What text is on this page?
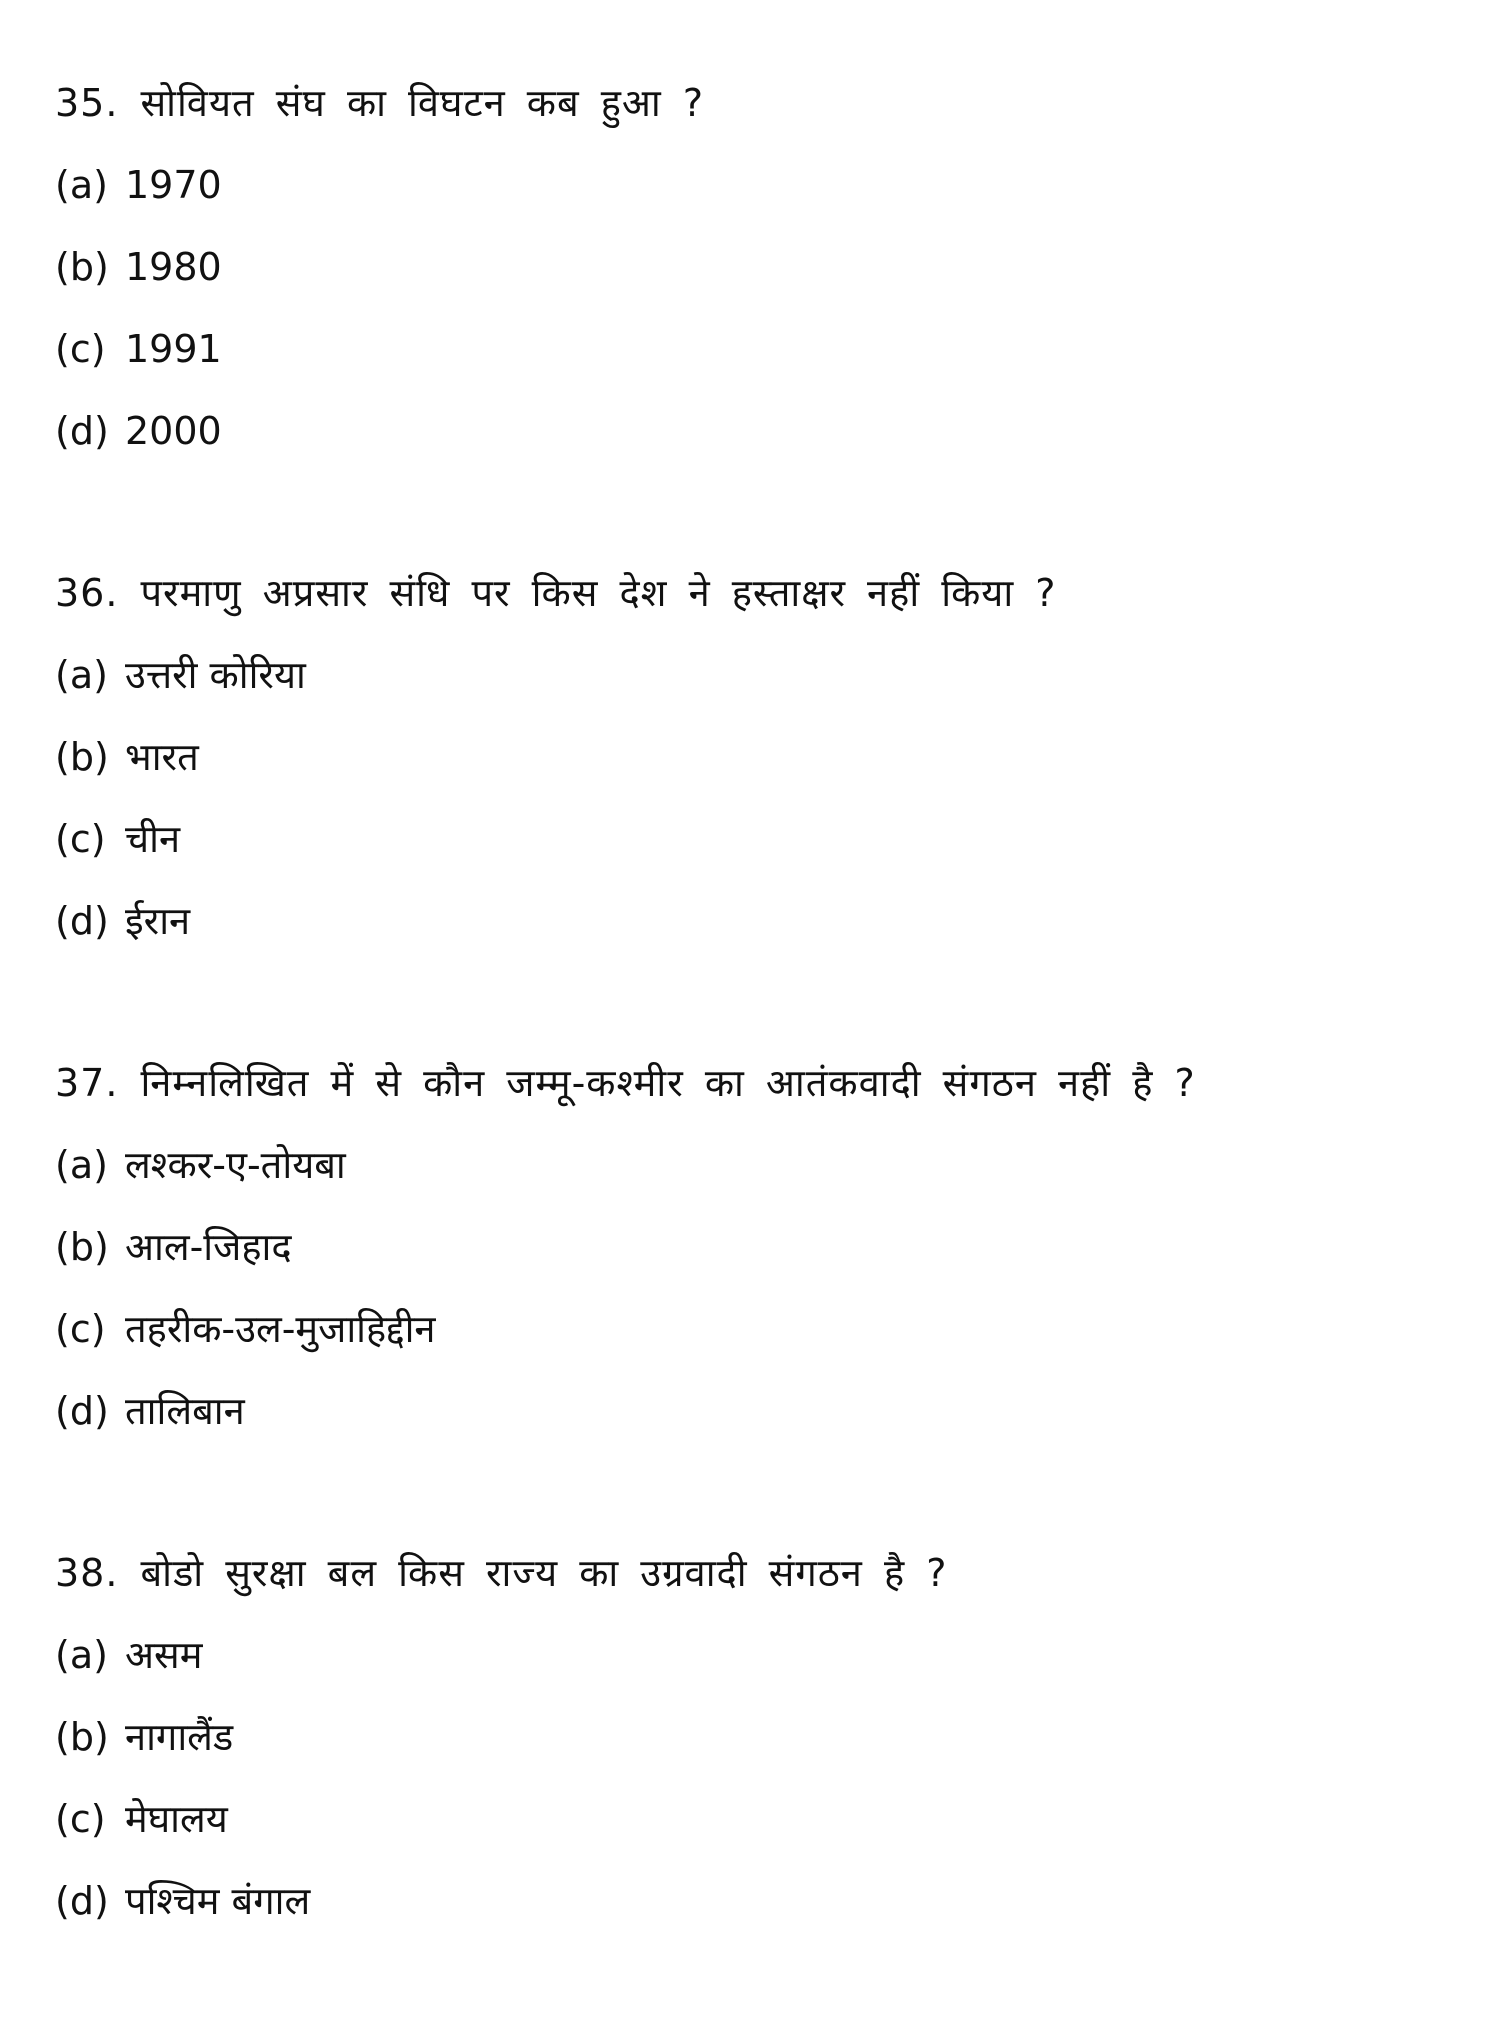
35. सोवियत संघ का विघटन कब हुआ ?
(a) 1970
(b) 1980
(c) 1991
(d) 2000
36. परमाणु अप्रसार संधि पर किस देश ने हस्ताक्षर नहीं किया ?
(a) उत्तरी कोरिया
(b) भारत
(c) चीन
(d) ईरान
37. निम्नलिखित में से कौन जम्मू-कश्मीर का आतंकवादी संगठन नहीं है ?
(a) लश्कर-ए-तोयबा
(b) आल-जिहाद
(c) तहरीक-उल-मुजाहिद्दीन
(d) तालिबान
38. बोडो सुरक्षा बल किस राज्य का उग्रवादी संगठन है ?
(a) असम
(b) नागालैंड
(c) मेघालय
(d) पश्चिम बंगाल
